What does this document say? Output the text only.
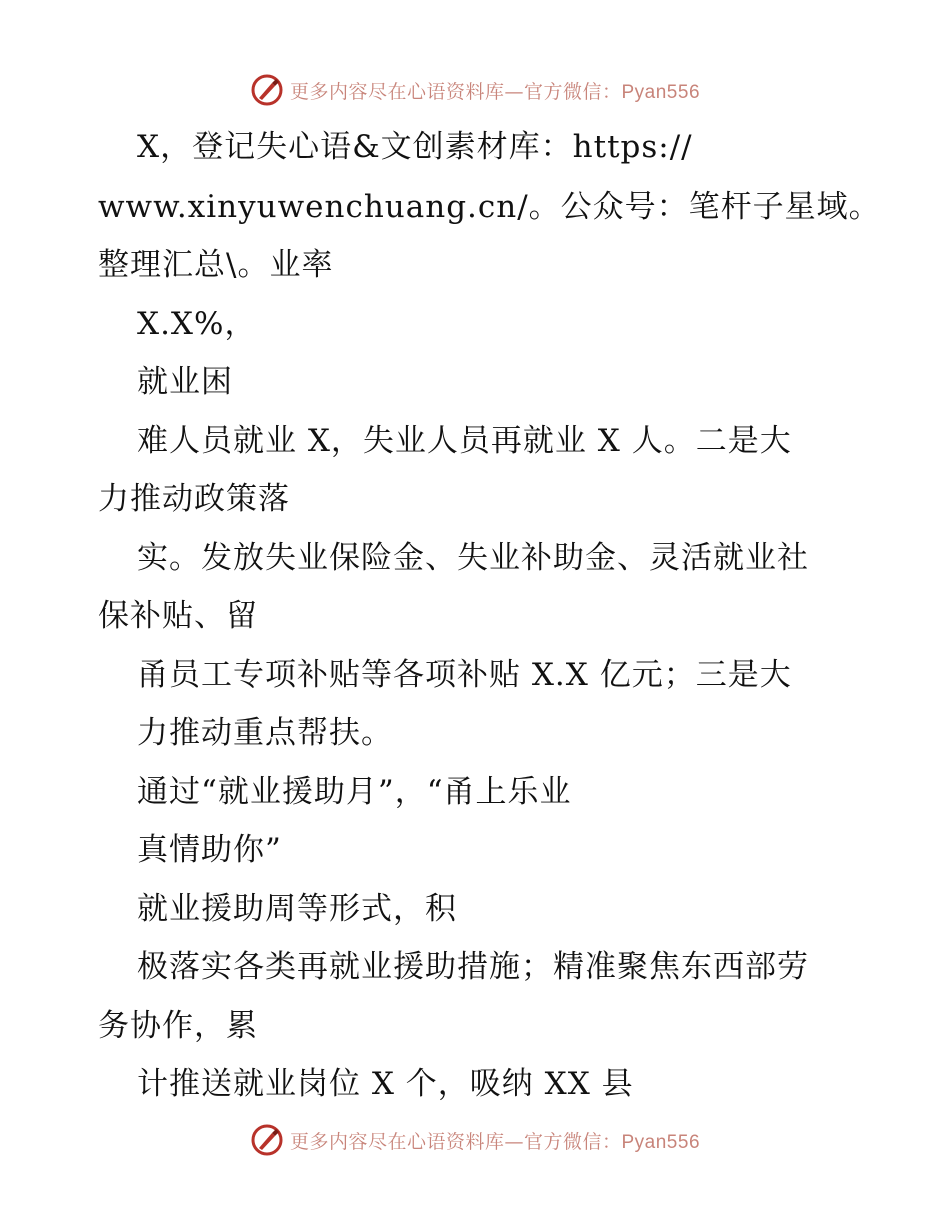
更多内容尽在心语资料库—官方微信：Pyan556
X，登记失心语&文创素材库：https://
www.xinyuwenchuang.cn/。公众号：笔杆子星域。
整理汇总\。业率
X.X%，
就业困
难人员就业 X，失业人员再就业 X 人。二是大
力推动政策落
实。发放失业保险金、失业补助金、灵活就业社
保补贴、留
甬员工专项补贴等各项补贴 X.X 亿元；三是大
力推动重点帮扶。
通过“就业援助月”，“甬上乐业
真情助你”
就业援助周等形式，积
极落实各类再就业援助措施；精准聚焦东西部劳
务协作，累
计推送就业岗位 X 个，吸纳 XX 县
更多内容尽在心语资料库—官方微信：Pyan556
